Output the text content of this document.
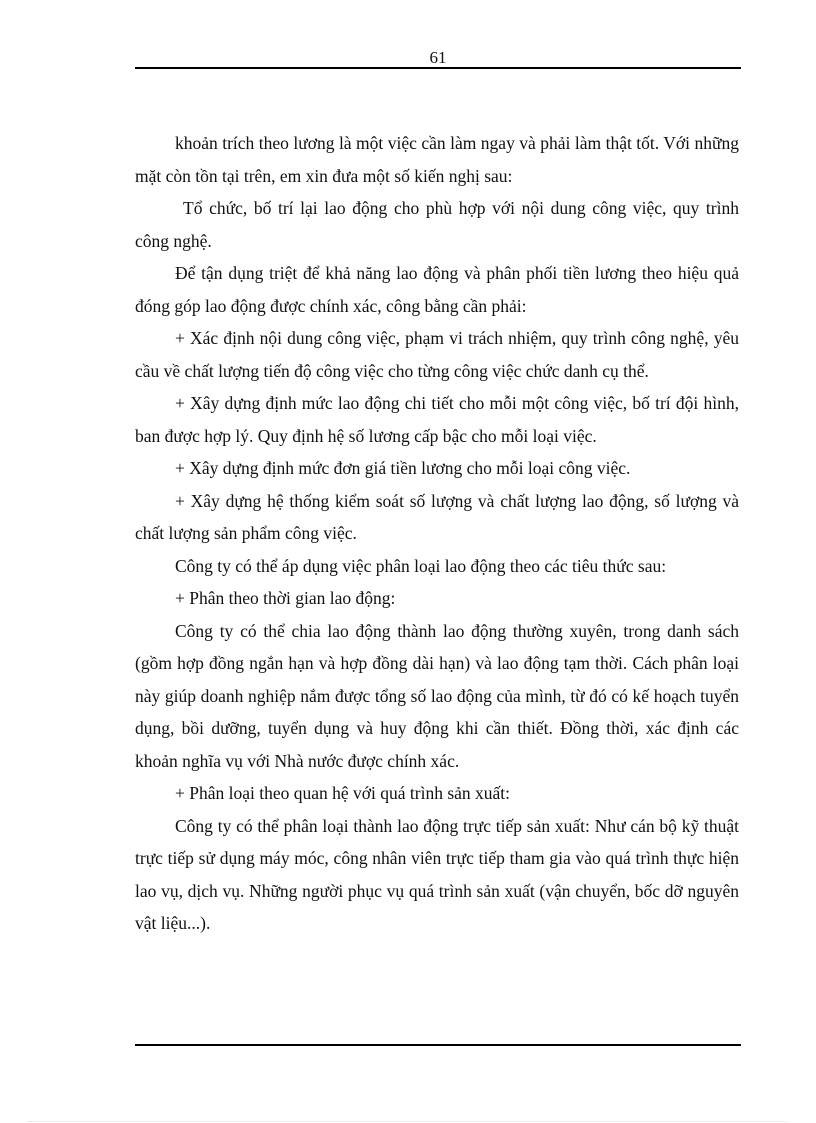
61

khoản trích theo lương là một việc cần làm ngay và phải làm thật tốt. Với những mặt còn tồn tại trên, em xin đưa một số kiến nghị sau:

Tổ chức, bố trí lại lao động cho phù hợp với nội dung công việc, quy trình công nghệ.

Để tận dụng triệt để khả năng lao động và phân phối tiền lương theo hiệu quả đóng góp lao động được chính xác, công bằng cần phải:

+ Xác định nội dung công việc, phạm vi trách nhiệm, quy trình công nghệ, yêu cầu về chất lượng tiến độ công việc cho từng công việc chức danh cụ thể.

+ Xây dựng định mức lao động chi tiết cho mỗi một công việc, bố trí đội hình, ban được hợp lý. Quy định hệ số lương cấp bậc cho mỗi loại việc.

+ Xây dựng định mức đơn giá tiền lương cho mỗi loại công việc.

+ Xây dựng hệ thống kiểm soát số lượng và chất lượng lao động, số lượng và chất lượng sản phẩm công việc.

Công ty có thể áp dụng việc phân loại lao động theo các tiêu thức sau:

+ Phân theo thời gian lao động:

Công ty có thể chia lao động thành lao động thường xuyên, trong danh sách (gồm hợp đồng ngắn hạn và hợp đồng dài hạn) và lao động tạm thời. Cách phân loại này giúp doanh nghiệp nắm được tổng số lao động của mình, từ đó có kế hoạch tuyển dụng, bồi dưỡng, tuyển dụng và huy động khi cần thiết. Đồng thời, xác định các khoản nghĩa vụ với Nhà nước được chính xác.

+ Phân loại theo quan hệ với quá trình sản xuất:

Công ty có thể phân loại thành lao động trực tiếp sản xuất: Như cán bộ kỹ thuật trực tiếp sử dụng máy móc, công nhân viên trực tiếp tham gia vào quá trình thực hiện lao vụ, dịch vụ. Những người phục vụ quá trình sản xuất (vận chuyển, bốc dỡ nguyên vật liệu...).
